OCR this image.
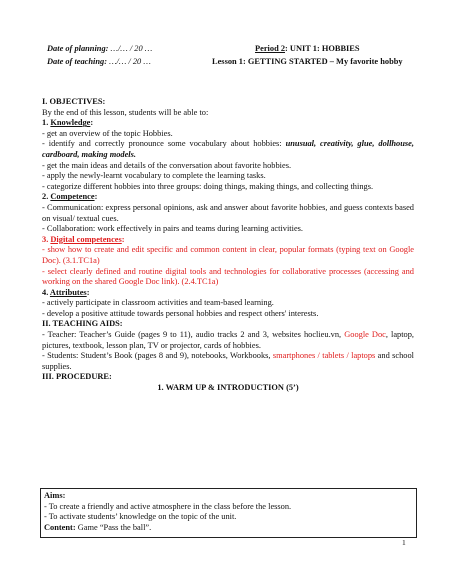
Date of planning: …/… / 20 …
Date of teaching: …/… / 20 …
Period 2: UNIT 1: HOBBIES
Lesson 1: GETTING STARTED – My favorite hobby

I. OBJECTIVES:

By the end of this lesson, students will be able to:

1. Knowledge:

- get an overview of the topic Hobbies.

- identify and correctly pronounce some vocabulary about hobbies: unusual, creativity, glue, dollhouse, cardboard, making models.

- get the main ideas and details of the conversation about favorite hobbies.

- apply the newly-learnt vocabulary to complete the learning tasks.

- categorize different hobbies into three groups: doing things, making things, and collecting things.

2. Competence:

- Communication: express personal opinions, ask and answer about favorite hobbies, and guess contexts based on visual/ textual cues.

- Collaboration: work effectively in pairs and teams during learning activities.

3. Digital competences:

- show how to create and edit specific and common content in clear, popular formats (typing text on Google Doc). (3.1.TC1a)

- select clearly defined and routine digital tools and technologies for collaborative processes (accessing and working on the shared Google Doc link). (2.4.TC1a)

4. Attributes:

- actively participate in classroom activities and team-based learning.

- develop a positive attitude towards personal hobbies and respect others' interests.

II. TEACHING AIDS:

- Teacher: Teacher’s Guide (pages 9 to 11), audio tracks 2 and 3, websites hoclieu.vn, Google Doc, laptop, pictures, textbook, lesson plan, TV or projector, cards of hobbies.

- Students: Student’s Book (pages 8 and 9), notebooks, Workbooks, smartphones / tablets / laptops and school supplies.

III. PROCEDURE:

1. WARM UP & INTRODUCTION (5’)

Aims:

- To create a friendly and active atmosphere in the class before the lesson.

- To activate students’ knowledge on the topic of the unit.

Content: Game “Pass the ball”.

1
